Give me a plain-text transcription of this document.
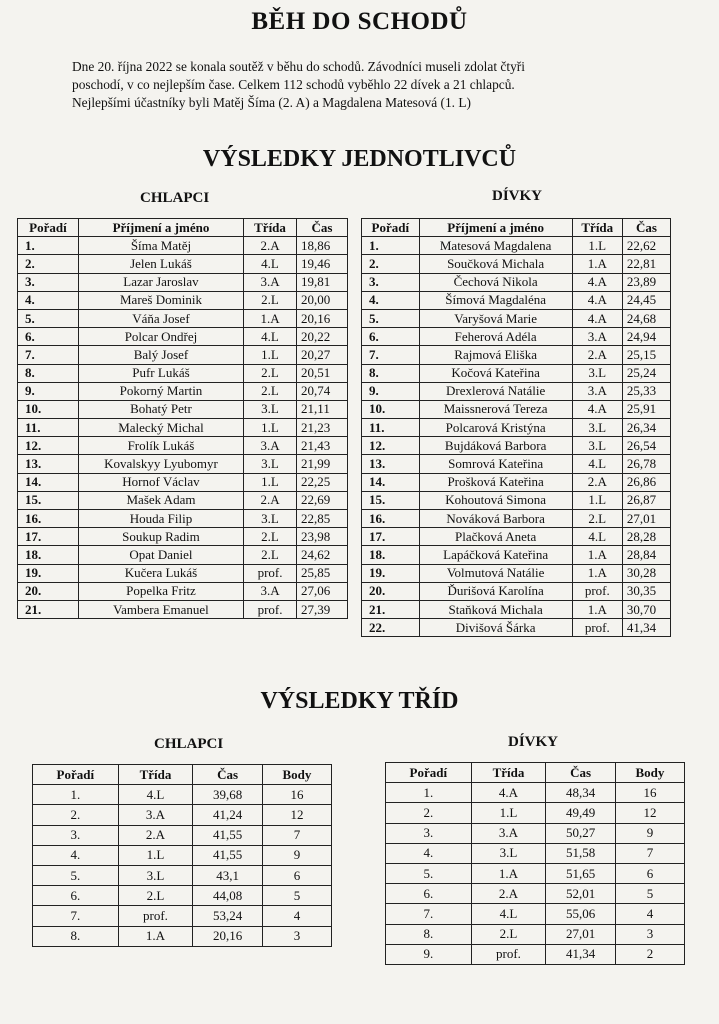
BĚH DO SCHODŮ

Dne 20. října 2022 se konala soutěž v běhu do schodů. Závodníci museli zdolat čtyři

poschodí, v co nejlepším čase. Celkem 112 schodů vyběhlo 22 dívek a 21 chlapců.

Nejlepšími účastníky byli Matěj Šíma (2. A) a Magdalena Matesová (1. L)

VÝSLEDKY JEDNOTLIVCŮ
CHLAPCI	DÍVKY
Pořadí	Příjmení a jméno	Třída	Čas
1.	Šíma Matěj	2.A	18,86
2.	Jelen Lukáš	4.L	19,46
3.	Lazar Jaroslav	3.A	19,81
4.	Mareš Dominik	2.L	20,00
5.	Váňa Josef	1.A	20,16
6.	Polcar Ondřej	4.L	20,22
7.	Balý Josef	1.L	20,27
8.	Pufr Lukáš	2.L	20,51
9.	Pokorný Martin	2.L	20,74
10.	Bohatý Petr	3.L	21,11
11.	Malecký Michal	1.L	21,23
12.	Frolík Lukáš	3.A	21,43
13.	Kovalskyy Lyubomyr	3.L	21,99
14.	Hornof Václav	1.L	22,25
15.	Mašek Adam	2.A	22,69
16.	Houda Filip	3.L	22,85
17.	Soukup Radim	2.L	23,98
18.	Opat Daniel	2.L	24,62
19.	Kučera Lukáš	prof.	25,85
20.	Popelka Fritz	3.A	27,06
21.	Vambera Emanuel	prof.	27,39
Pořadí	Příjmení a jméno	Třída	Čas
1.	Matesová Magdalena	1.L	22,62
2.	Součková Michala	1.A	22,81
3.	Čechová Nikola	4.A	23,89
4.	Šímová Magdaléna	4.A	24,45
5.	Varyšová Marie	4.A	24,68
6.	Feherová Adéla	3.A	24,94
7.	Rajmová Eliška	2.A	25,15
8.	Kočová Kateřina	3.L	25,24
9.	Drexlerová Natálie	3.A	25,33
10.	Maissnerová Tereza	4.A	25,91
11.	Polcarová Kristýna	3.L	26,34
12.	Bujdáková Barbora	3.L	26,54
13.	Somrová Kateřina	4.L	26,78
14.	Prošková Kateřina	2.A	26,86
15.	Kohoutová Simona	1.L	26,87
16.	Nováková Barbora	2.L	27,01
17.	Plačková Aneta	4.L	28,28
18.	Lapáčková Kateřina	1.A	28,84
19.	Volmutová Natálie	1.A	30,28
20.	Ďurišová Karolína	prof.	30,35
21.	Staňková Michala	1.A	30,70
22.	Divišová Šárka	prof.	41,34
VÝSLEDKY TŘÍD
CHLAPCI	DÍVKY
Pořadí	Třída	Čas	Body
1.	4.L	39,68	16
2.	3.A	41,24	12
3.	2.A	41,55	7
4.	1.L	41,55	9
5.	3.L	43,1	6
6.	2.L	44,08	5
7.	prof.	53,24	4
8.	1.A	20,16	3
Pořadí	Třída	Čas	Body
1.	4.A	48,34	16
2.	1.L	49,49	12
3.	3.A	50,27	9
4.	3.L	51,58	7
5.	1.A	51,65	6
6.	2.A	52,01	5
7.	4.L	55,06	4
8.	2.L	27,01	3
9.	prof.	41,34	2
